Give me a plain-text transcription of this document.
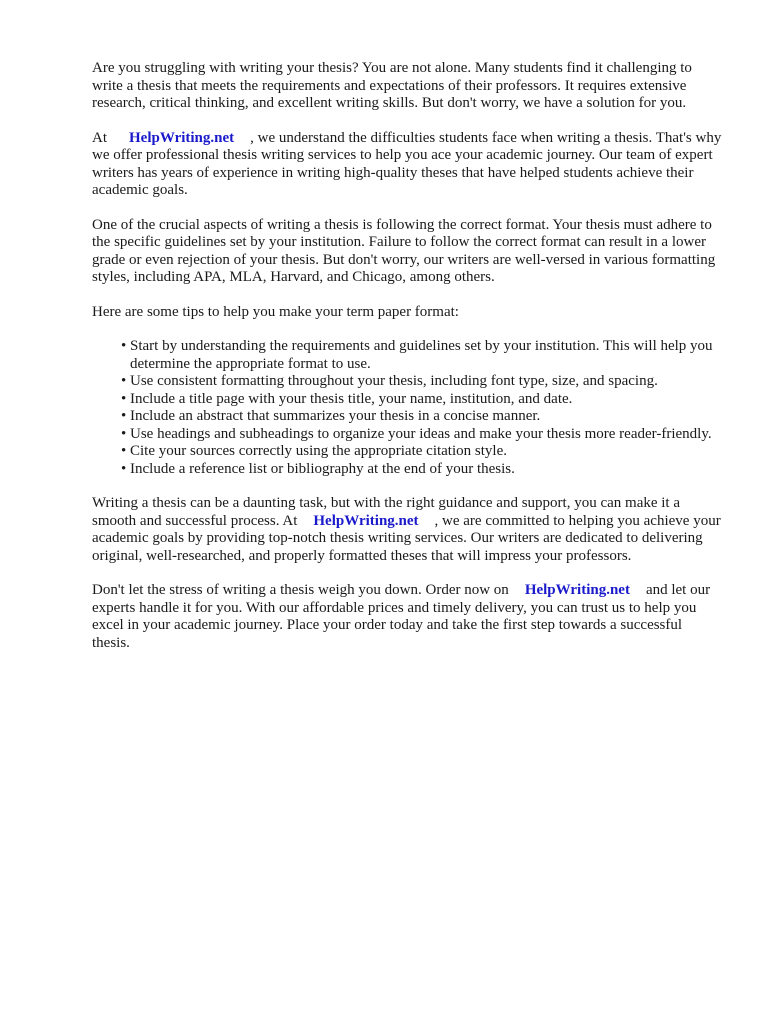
Are you struggling with writing your thesis? You are not alone. Many students find it challenging to write a thesis that meets the requirements and expectations of their professors. It requires extensive research, critical thinking, and excellent writing skills. But don't worry, we have a solution for you.

At HelpWriting.net , we understand the difficulties students face when writing a thesis. That's why we offer professional thesis writing services to help you ace your academic journey. Our team of expert writers has years of experience in writing high-quality theses that have helped students achieve their academic goals.

One of the crucial aspects of writing a thesis is following the correct format. Your thesis must adhere to the specific guidelines set by your institution. Failure to follow the correct format can result in a lower grade or even rejection of your thesis. But don't worry, our writers are well-versed in various formatting styles, including APA, MLA, Harvard, and Chicago, among others.

Here are some tips to help you make your term paper format:

• Start by understanding the requirements and guidelines set by your institution. This will help you determine the appropriate format to use.
• Use consistent formatting throughout your thesis, including font type, size, and spacing.
• Include a title page with your thesis title, your name, institution, and date.
• Include an abstract that summarizes your thesis in a concise manner.
• Use headings and subheadings to organize your ideas and make your thesis more reader-friendly.
• Cite your sources correctly using the appropriate citation style.
• Include a reference list or bibliography at the end of your thesis.

Writing a thesis can be a daunting task, but with the right guidance and support, you can make it a smooth and successful process. At HelpWriting.net , we are committed to helping you achieve your academic goals by providing top-notch thesis writing services. Our writers are dedicated to delivering original, well-researched, and properly formatted theses that will impress your professors.

Don't let the stress of writing a thesis weigh you down. Order now on HelpWriting.net and let our experts handle it for you. With our affordable prices and timely delivery, you can trust us to help you excel in your academic journey. Place your order today and take the first step towards a successful thesis.
